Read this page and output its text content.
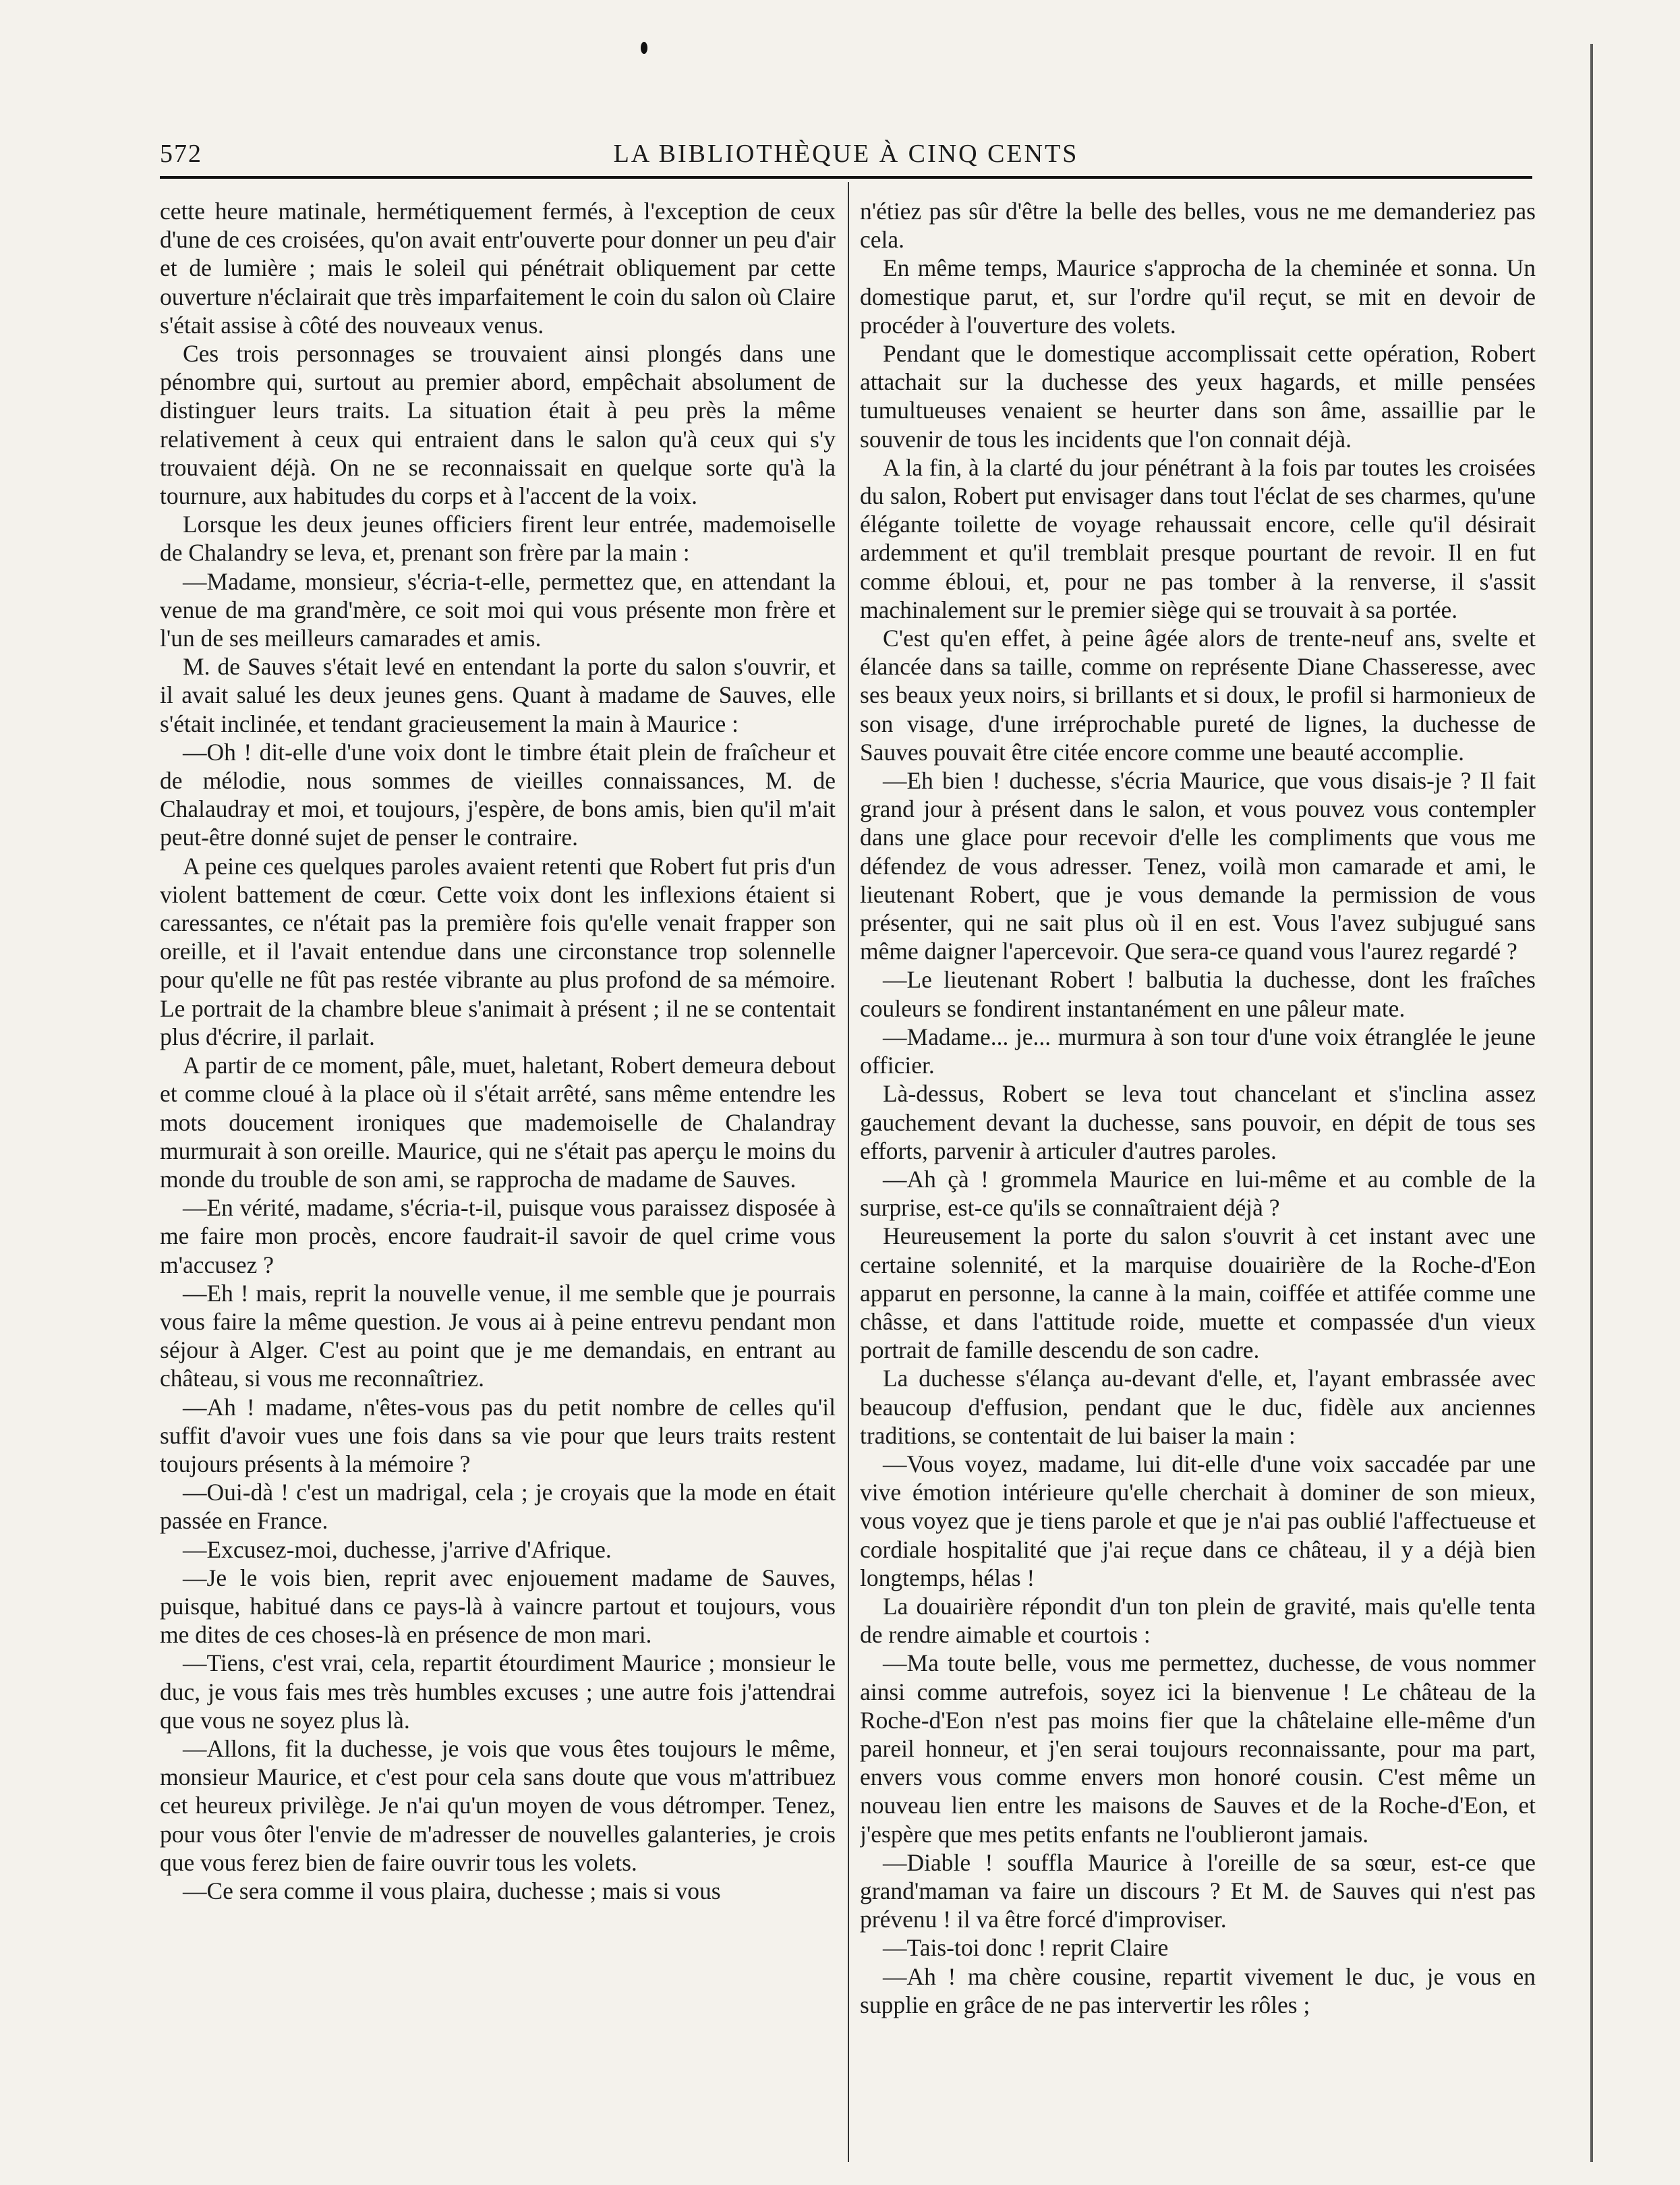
572	LA BIBLIOTHÈQUE À CINQ CENTS

cette heure matinale, hermétiquement fermés, à l'exception de ceux d'une de ces croisées, qu'on avait entr'ouverte pour donner un peu d'air et de lumière ; mais le soleil qui pénétrait obliquement par cette ouverture n'éclairait que très imparfaitement le coin du salon où Claire s'était assise à côté des nouveaux venus.

Ces trois personnages se trouvaient ainsi plongés dans une pénombre qui, surtout au premier abord, empêchait absolument de distinguer leurs traits. La situation était à peu près la même relativement à ceux qui entraient dans le salon qu'à ceux qui s'y trouvaient déjà. On ne se reconnaissait en quelque sorte qu'à la tournure, aux habitudes du corps et à l'accent de la voix.

Lorsque les deux jeunes officiers firent leur entrée, mademoiselle de Chalandry se leva, et, prenant son frère par la main :

—Madame, monsieur, s'écria-t-elle, permettez que, en attendant la venue de ma grand'mère, ce soit moi qui vous présente mon frère et l'un de ses meilleurs camarades et amis.

M. de Sauves s'était levé en entendant la porte du salon s'ouvrir, et il avait salué les deux jeunes gens. Quant à madame de Sauves, elle s'était inclinée, et tendant gracieusement la main à Maurice :

—Oh ! dit-elle d'une voix dont le timbre était plein de fraîcheur et de mélodie, nous sommes de vieilles connaissances, M. de Chalaudray et moi, et toujours, j'espère, de bons amis, bien qu'il m'ait peut-être donné sujet de penser le contraire.

A peine ces quelques paroles avaient retenti que Robert fut pris d'un violent battement de cœur. Cette voix dont les inflexions étaient si caressantes, ce n'était pas la première fois qu'elle venait frapper son oreille, et il l'avait entendue dans une circonstance trop solennelle pour qu'elle ne fût pas restée vibrante au plus profond de sa mémoire. Le portrait de la chambre bleue s'animait à présent ; il ne se contentait plus d'écrire, il parlait.

A partir de ce moment, pâle, muet, haletant, Robert demeura debout et comme cloué à la place où il s'était arrêté, sans même entendre les mots doucement ironiques que mademoiselle de Chalandray murmurait à son oreille. Maurice, qui ne s'était pas aperçu le moins du monde du trouble de son ami, se rapprocha de madame de Sauves.

—En vérité, madame, s'écria-t-il, puisque vous paraissez disposée à me faire mon procès, encore faudrait-il savoir de quel crime vous m'accusez ?

—Eh ! mais, reprit la nouvelle venue, il me semble que je pourrais vous faire la même question. Je vous ai à peine entrevu pendant mon séjour à Alger. C'est au point que je me demandais, en entrant au château, si vous me reconnaîtriez.

—Ah ! madame, n'êtes-vous pas du petit nombre de celles qu'il suffit d'avoir vues une fois dans sa vie pour que leurs traits restent toujours présents à la mémoire ?

—Oui-dà ! c'est un madrigal, cela ; je croyais que la mode en était passée en France.

—Excusez-moi, duchesse, j'arrive d'Afrique.

—Je le vois bien, reprit avec enjouement madame de Sauves, puisque, habitué dans ce pays-là à vaincre partout et toujours, vous me dites de ces choses-là en présence de mon mari.

—Tiens, c'est vrai, cela, repartit étourdiment Maurice ; monsieur le duc, je vous fais mes très humbles excuses ; une autre fois j'attendrai que vous ne soyez plus là.

—Allons, fit la duchesse, je vois que vous êtes toujours le même, monsieur Maurice, et c'est pour cela sans doute que vous m'attribuez cet heureux privilège. Je n'ai qu'un moyen de vous détromper. Tenez, pour vous ôter l'envie de m'adresser de nouvelles galanteries, je crois que vous ferez bien de faire ouvrir tous les volets.

—Ce sera comme il vous plaira, duchesse ; mais si vous

n'étiez pas sûr d'être la belle des belles, vous ne me demanderiez pas cela.

En même temps, Maurice s'approcha de la cheminée et sonna. Un domestique parut, et, sur l'ordre qu'il reçut, se mit en devoir de procéder à l'ouverture des volets.

Pendant que le domestique accomplissait cette opération, Robert attachait sur la duchesse des yeux hagards, et mille pensées tumultueuses venaient se heurter dans son âme, assaillie par le souvenir de tous les incidents que l'on connait déjà.

A la fin, à la clarté du jour pénétrant à la fois par toutes les croisées du salon, Robert put envisager dans tout l'éclat de ses charmes, qu'une élégante toilette de voyage rehaussait encore, celle qu'il désirait ardemment et qu'il tremblait presque pourtant de revoir. Il en fut comme ébloui, et, pour ne pas tomber à la renverse, il s'assit machinalement sur le premier siège qui se trouvait à sa portée.

C'est qu'en effet, à peine âgée alors de trente-neuf ans, svelte et élancée dans sa taille, comme on représente Diane Chasseresse, avec ses beaux yeux noirs, si brillants et si doux, le profil si harmonieux de son visage, d'une irréprochable pureté de lignes, la duchesse de Sauves pouvait être citée encore comme une beauté accomplie.

—Eh bien ! duchesse, s'écria Maurice, que vous disais-je ? Il fait grand jour à présent dans le salon, et vous pouvez vous contempler dans une glace pour recevoir d'elle les compliments que vous me défendez de vous adresser. Tenez, voilà mon camarade et ami, le lieutenant Robert, que je vous demande la permission de vous présenter, qui ne sait plus où il en est. Vous l'avez subjugué sans même daigner l'apercevoir. Que sera-ce quand vous l'aurez regardé ?

—Le lieutenant Robert ! balbutia la duchesse, dont les fraîches couleurs se fondirent instantanément en une pâleur mate.

—Madame... je... murmura à son tour d'une voix étranglée le jeune officier.

Là-dessus, Robert se leva tout chancelant et s'inclina assez gauchement devant la duchesse, sans pouvoir, en dépit de tous ses efforts, parvenir à articuler d'autres paroles.

—Ah çà ! grommela Maurice en lui-même et au comble de la surprise, est-ce qu'ils se connaîtraient déjà ?

Heureusement la porte du salon s'ouvrit à cet instant avec une certaine solennité, et la marquise douairière de la Roche-d'Eon apparut en personne, la canne à la main, coiffée et attifée comme une châsse, et dans l'attitude roide, muette et compassée d'un vieux portrait de famille descendu de son cadre.

La duchesse s'élança au-devant d'elle, et, l'ayant embrassée avec beaucoup d'effusion, pendant que le duc, fidèle aux anciennes traditions, se contentait de lui baiser la main :

—Vous voyez, madame, lui dit-elle d'une voix saccadée par une vive émotion intérieure qu'elle cherchait à dominer de son mieux, vous voyez que je tiens parole et que je n'ai pas oublié l'affectueuse et cordiale hospitalité que j'ai reçue dans ce château, il y a déjà bien longtemps, hélas !

La douairière répondit d'un ton plein de gravité, mais qu'elle tenta de rendre aimable et courtois :

—Ma toute belle, vous me permettez, duchesse, de vous nommer ainsi comme autrefois, soyez ici la bienvenue ! Le château de la Roche-d'Eon n'est pas moins fier que la châtelaine elle-même d'un pareil honneur, et j'en serai toujours reconnaissante, pour ma part, envers vous comme envers mon honoré cousin. C'est même un nouveau lien entre les maisons de Sauves et de la Roche-d'Eon, et j'espère que mes petits enfants ne l'oublieront jamais.

—Diable ! souffla Maurice à l'oreille de sa sœur, est-ce que grand'maman va faire un discours ? Et M. de Sauves qui n'est pas prévenu ! il va être forcé d'improviser.

—Tais-toi donc ! reprit Claire

—Ah ! ma chère cousine, repartit vivement le duc, je vous en supplie en grâce de ne pas intervertir les rôles ;
